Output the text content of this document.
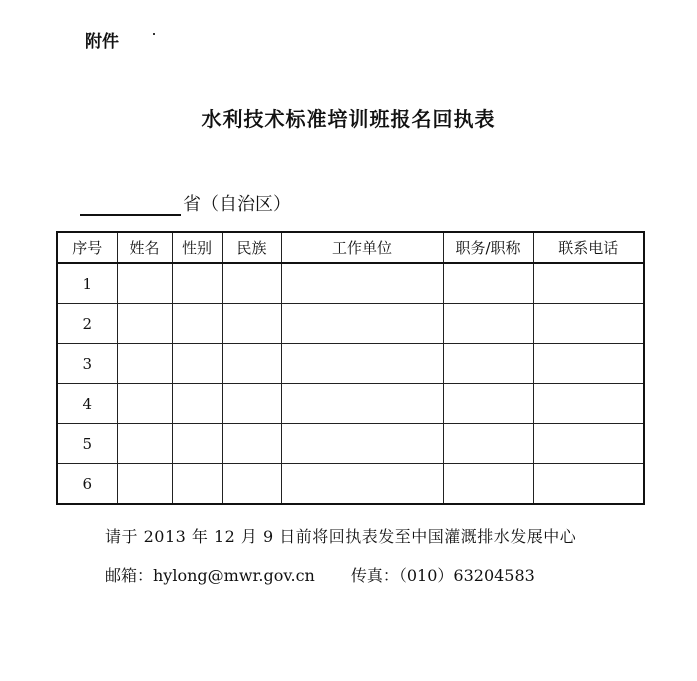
附件
水利技术标准培训班报名回执表
省（自治区）
序号	姓名	性别	民族	工作单位	职务/职称	联系电话
1						
2						
3						
4						
5						
6						
请于 2013 年 12 月 9 日前将回执表发至中国灌溉排水发展中心
邮箱：hylong@mwr.gov.cn 传真：（010）63204583
